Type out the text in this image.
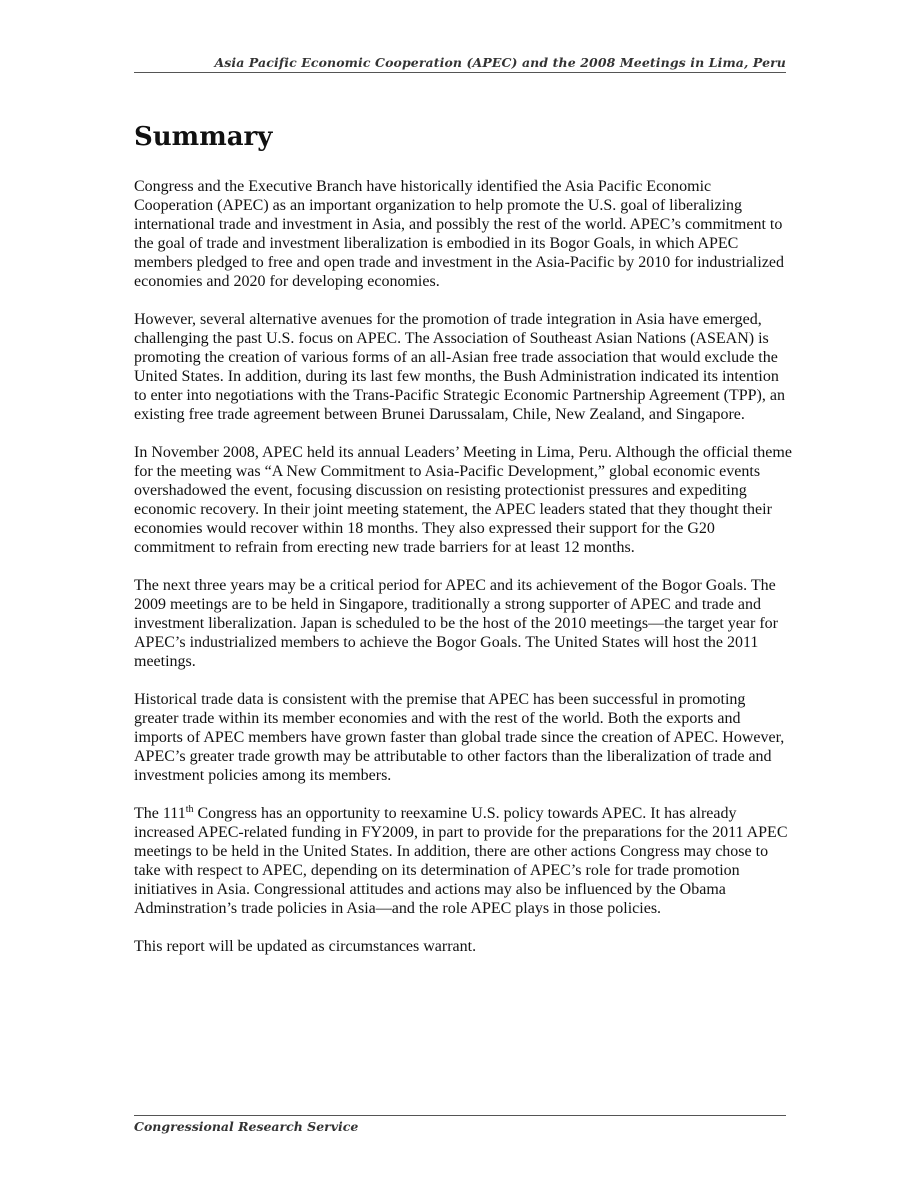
Asia Pacific Economic Cooperation (APEC) and the 2008 Meetings in Lima, Peru
Summary

Congress and the Executive Branch have historically identified the Asia Pacific Economic Cooperation (APEC) as an important organization to help promote the U.S. goal of liberalizing international trade and investment in Asia, and possibly the rest of the world. APEC’s commitment to the goal of trade and investment liberalization is embodied in its Bogor Goals, in which APEC members pledged to free and open trade and investment in the Asia-Pacific by 2010 for industrialized economies and 2020 for developing economies.

However, several alternative avenues for the promotion of trade integration in Asia have emerged, challenging the past U.S. focus on APEC. The Association of Southeast Asian Nations (ASEAN) is promoting the creation of various forms of an all-Asian free trade association that would exclude the United States. In addition, during its last few months, the Bush Administration indicated its intention to enter into negotiations with the Trans-Pacific Strategic Economic Partnership Agreement (TPP), an existing free trade agreement between Brunei Darussalam, Chile, New Zealand, and Singapore.

In November 2008, APEC held its annual Leaders’ Meeting in Lima, Peru. Although the official theme for the meeting was “A New Commitment to Asia-Pacific Development,” global economic events overshadowed the event, focusing discussion on resisting protectionist pressures and expediting economic recovery. In their joint meeting statement, the APEC leaders stated that they thought their economies would recover within 18 months. They also expressed their support for the G20 commitment to refrain from erecting new trade barriers for at least 12 months.

The next three years may be a critical period for APEC and its achievement of the Bogor Goals. The 2009 meetings are to be held in Singapore, traditionally a strong supporter of APEC and trade and investment liberalization. Japan is scheduled to be the host of the 2010 meetings—the target year for APEC’s industrialized members to achieve the Bogor Goals. The United States will host the 2011 meetings.

Historical trade data is consistent with the premise that APEC has been successful in promoting greater trade within its member economies and with the rest of the world. Both the exports and imports of APEC members have grown faster than global trade since the creation of APEC. However, APEC’s greater trade growth may be attributable to other factors than the liberalization of trade and investment policies among its members.

The 111th Congress has an opportunity to reexamine U.S. policy towards APEC. It has already increased APEC-related funding in FY2009, in part to provide for the preparations for the 2011 APEC meetings to be held in the United States. In addition, there are other actions Congress may chose to take with respect to APEC, depending on its determination of APEC’s role for trade promotion initiatives in Asia. Congressional attitudes and actions may also be influenced by the Obama Adminstration’s trade policies in Asia—and the role APEC plays in those policies.

This report will be updated as circumstances warrant.

Congressional Research Service
